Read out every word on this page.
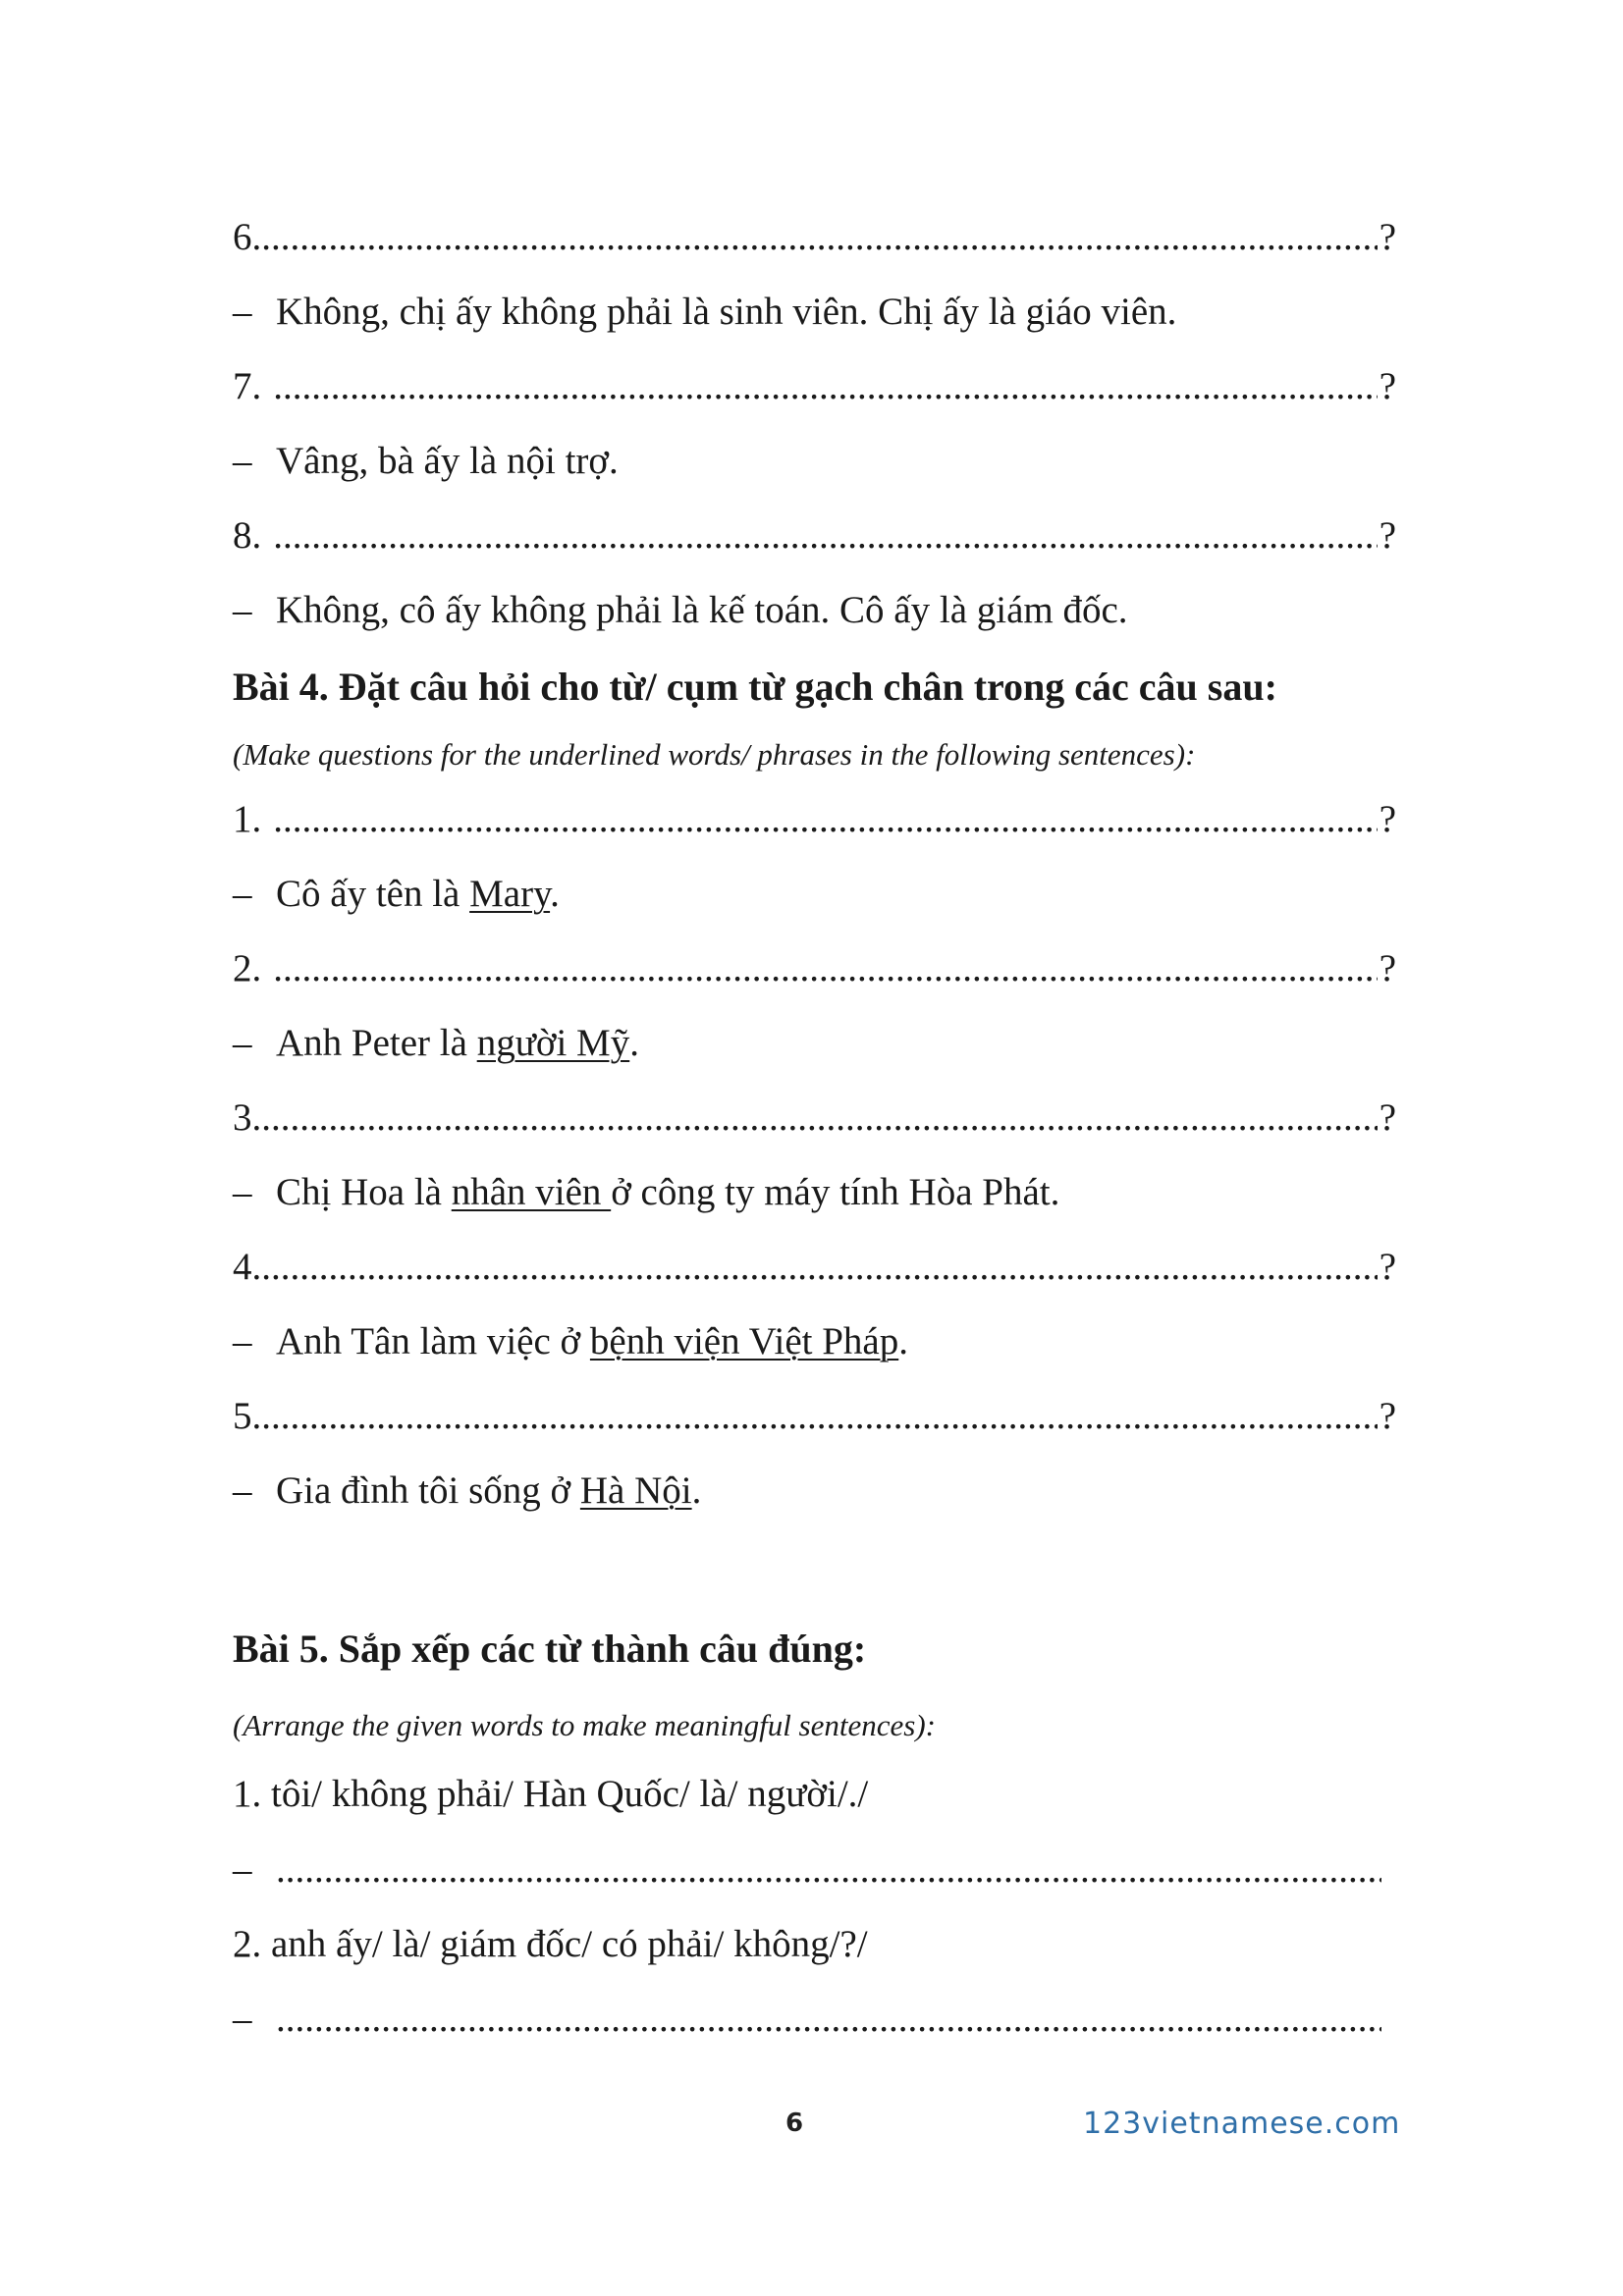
6 .....	?
– Không, chị ấy không phải là sinh viên. Chị ấy là giáo viên.
7. .....	?
– Vâng, bà ấy là nội trợ.
8. .....	?
– Không, cô ấy không phải là kế toán. Cô ấy là giám đốc.
Bài 4. Đặt câu hỏi cho từ/ cụm từ gạch chân trong các câu sau:
(Make questions for the underlined words/ phrases in the following sentences):
1. .....	?
– Cô ấy tên là Mary.
2. .....	?
– Anh Peter là người Mỹ.
3 .....	?
– Chị Hoa là nhân viên ở công ty máy tính Hòa Phát.
4 .....	?
– Anh Tân làm việc ở bệnh viện Việt Pháp.
5 .....	?
– Gia đình tôi sống ở Hà Nội.
Bài 5. Sắp xếp các từ thành câu đúng:
(Arrange the given words to make meaningful sentences):
1. tôi/ không phải/ Hàn Quốc/ là/ người/./
–
.....
2. anh ấy/ là/ giám đốc/ có phải/ không/?/
–
.....
6	123vietnamese.com
